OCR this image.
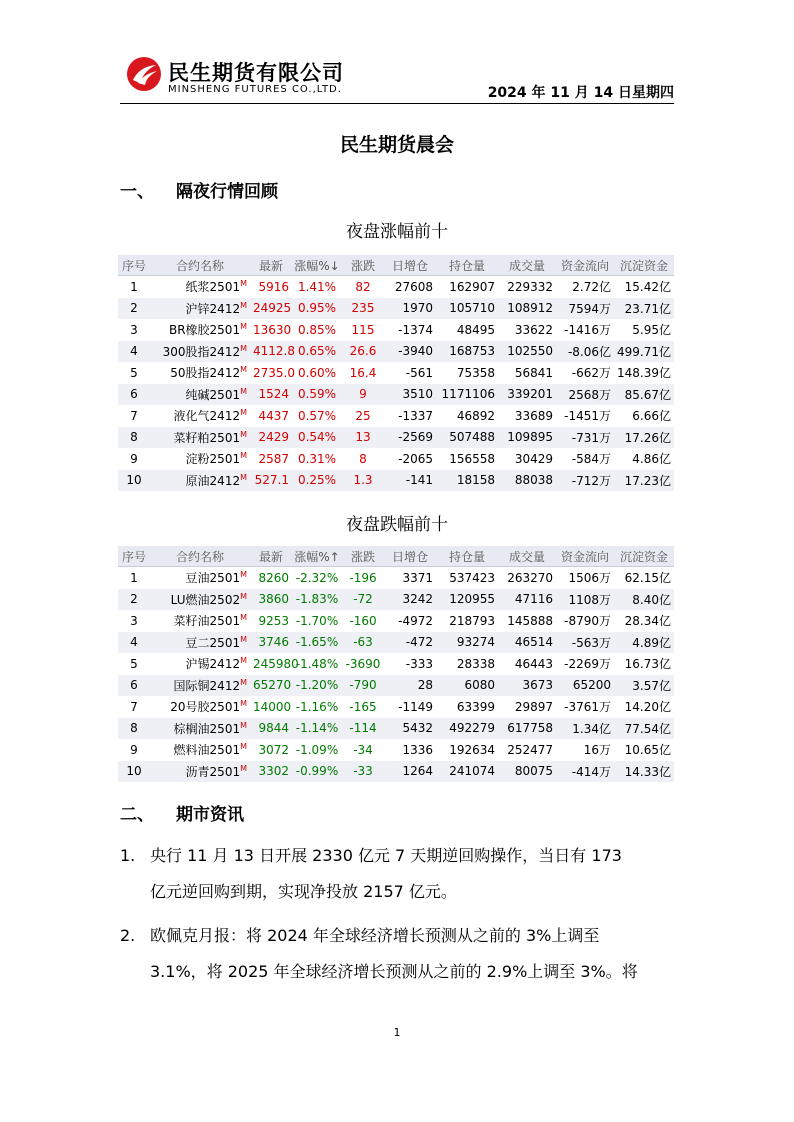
民生期货有限公司
MINSHENG FUTURES CO.,LTD.	2024 年 11 月 14 日星期四
民生期货晨会
一、 隔夜行情回顾
夜盘涨幅前十
序号	合约名称	最新	涨幅%↓	涨跌	日增仓	持仓量	成交量	资金流向	沉淀资金
1	纸浆$2501^M$	5916	1.41%	82	27608	162907	229332	2.72亿	15.42亿
2	沪锌$2412^M$	24925	0.95%	235	1970	105710	108912	7594万	23.71亿
3	BR橡胶$2501^M$	13630	0.85%	115	-1374	48495	33622	-1416万	5.95亿
4	300股指$2412^M$	4112.8	0.65%	26.6	-3940	168753	102550	-8.06亿	499.71亿
5	50股指$2412^M$	2735.0	0.60%	16.4	-561	75358	56841	-662万	148.39亿
6	纯碱$2501^M$	1524	0.59%	9	3510	1171106	339201	2568万	85.67亿
7	液化气$2412^M$	4437	0.57%	25	-1337	46892	33689	-1451万	6.66亿
8	菜籽粕$2501^M$	2429	0.54%	13	-2569	507488	109895	-731万	17.26亿
9	淀粉$2501^M$	2587	0.31%	8	-2065	156558	30429	-584万	4.86亿
10	原油$2412^M$	527.1	0.25%	1.3	-141	18158	88038	-712万	17.23亿
夜盘跌幅前十
序号	合约名称	最新	涨幅%↑	涨跌	日增仓	持仓量	成交量	资金流向	沉淀资金
1	豆油$2501^M$	8260	-2.32%	-196	3371	537423	263270	1506万	62.15亿
2	LU燃油$2502^M$	3860	-1.83%	-72	3242	120955	47116	1108万	8.40亿
3	菜籽油$2501^M$	9253	-1.70%	-160	-4972	218793	145888	-8790万	28.34亿
4	豆二$2501^M$	3746	-1.65%	-63	-472	93274	46514	-563万	4.89亿
5	沪锡$2412^M$	245980	-1.48%	-3690	-333	28338	46443	-2269万	16.73亿
6	国际铜$2412^M$	65270	-1.20%	-790	28	6080	3673	65200	3.57亿
7	20号胶$2501^M$	14000	-1.16%	-165	-1149	63399	29897	-3761万	14.20亿
8	棕榈油$2501^M$	9844	-1.14%	-114	5432	492279	617758	1.34亿	77.54亿
9	燃料油$2501^M$	3072	-1.09%	-34	1336	192634	252477	16万	10.65亿
10	沥青$2501^M$	3302	-0.99%	-33	1264	241074	80075	-414万	14.33亿
二、 期市资讯
1. 央行 11 月 13 日开展 2330 亿元 7 天期逆回购操作，当日有 173
亿元逆回购到期，实现净投放 2157 亿元。
2. 欧佩克月报：将 2024 年全球经济增长预测从之前的 3%上调至
3.1%，将 2025 年全球经济增长预测从之前的 2.9%上调至 3%。将
1
